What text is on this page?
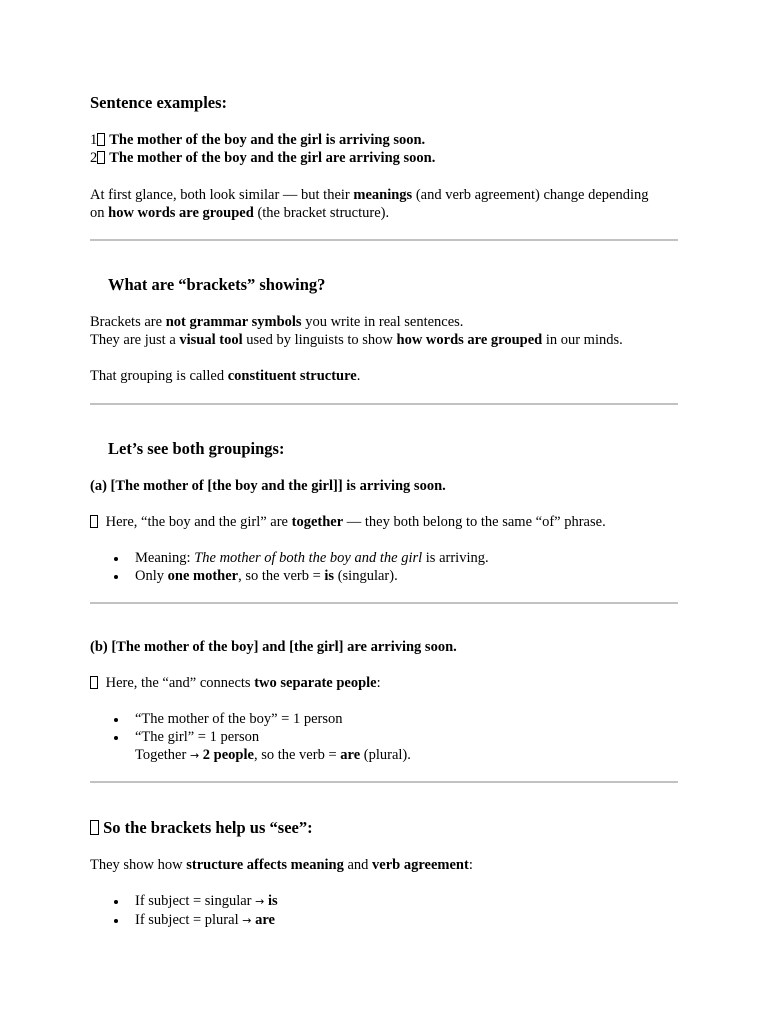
Sentence examples:
1 The mother of the boy and the girl is arriving soon.
2 The mother of the boy and the girl are arriving soon.
At first glance, both look similar — but their meanings (and verb agreement) change depending
on how words are grouped (the bracket structure).
What are “brackets” showing?
Brackets are not grammar symbols you write in real sentences.
They are just a visual tool used by linguists to show how words are grouped in our minds.
That grouping is called constituent structure.
Let’s see both groupings:
(a) [The mother of [the boy and the girl]] is arriving soon.
Here, “the boy and the girl” are together — they both belong to the same “of” phrase.
Meaning: The mother of both the boy and the girl is arriving.
Only one mother, so the verb = is (singular).
(b) [The mother of the boy] and [the girl] are arriving soon.
Here, the “and” connects two separate people:
“The mother of the boy” = 1 person
“The girl” = 1 person
Together → 2 people, so the verb = are (plural).
So the brackets help us “see”:
They show how structure affects meaning and verb agreement:
If subject = singular → is
If subject = plural → are
